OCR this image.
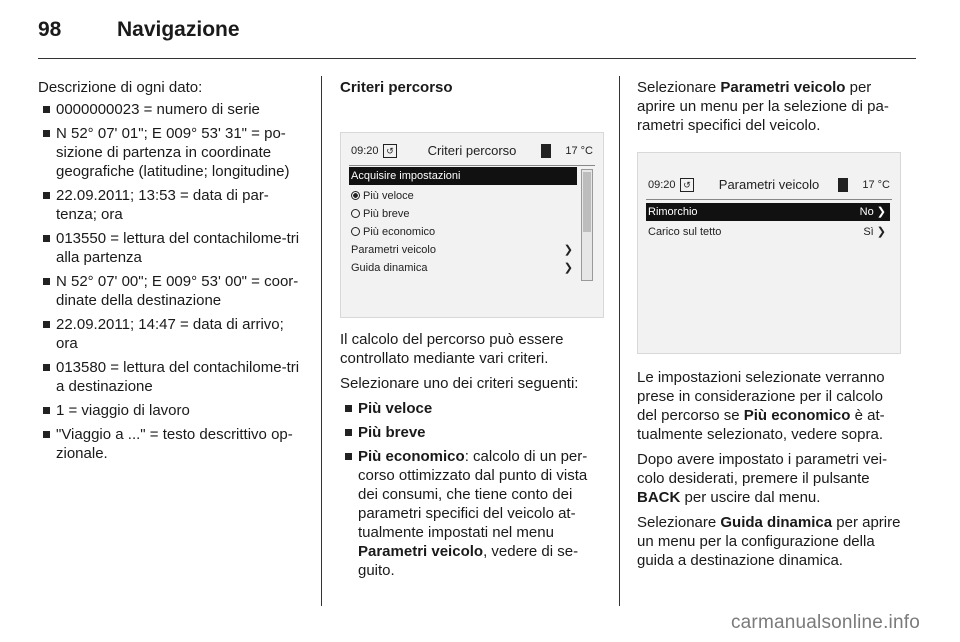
98	Navigazione

Descrizione di ogni dato:

0000000023 = numero di serie
N 52° 07' 01"; E 009° 53' 31" = po-sizione di partenza in coordinate geografiche (latitudine; longitudine)
22.09.2011; 13:53 = data di par-tenza; ora
013550 = lettura del contachilome-tri alla partenza
N 52° 07' 00"; E 009° 53' 00" = coor-dinate della destinazione
22.09.2011; 14:47 = data di arrivo; ora
013580 = lettura del contachilome-tri a destinazione
1 = viaggio di lavoro
"Viaggio a ..." = testo descrittivo op-zionale.
Criteri percorso
09:20 ↺	Criteri percorso	17 °C
Acquisire impostazioni
Più veloce
Più breve
Più economico
Parametri veicolo	❯
Guida dinamica	❯

Il calcolo del percorso può essere controllato mediante vari criteri.

Selezionare uno dei criteri seguenti:

Più veloce
Più breve
Più economico: calcolo di un per-corso ottimizzato dal punto di vista dei consumi, che tiene conto dei parametri specifici del veicolo at-tualmente impostati nel menu Parametri veicolo, vedere di se-guito.

Selezionare Parametri veicolo per aprire un menu per la selezione di pa-rametri specifici del veicolo.

09:20 ↺	Parametri veicolo	17 °C
Rimorchio	No ❯
Carico sul tetto	Sì ❯

Le impostazioni selezionate verranno prese in considerazione per il calcolo del percorso se Più economico è at-tualmente selezionato, vedere sopra.

Dopo avere impostato i parametri vei-colo desiderati, premere il pulsante BACK per uscire dal menu.

Selezionare Guida dinamica per aprire un menu per la configurazione della guida a destinazione dinamica.

carmanualsonline.info
